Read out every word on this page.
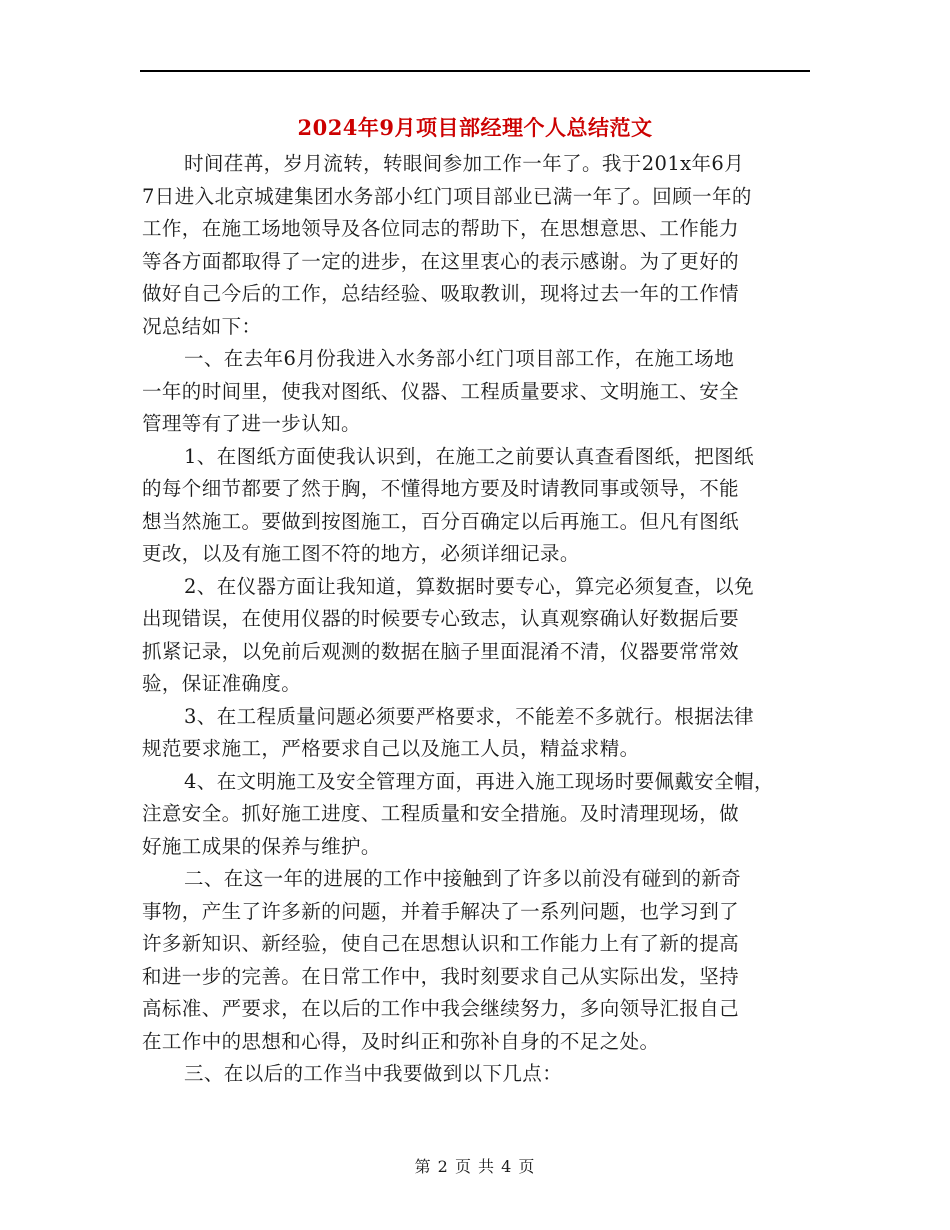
2024年9月项目部经理个人总结范文
时间荏苒，岁月流转，转眼间参加工作一年了。我于201x年6月
7日进入北京城建集团水务部小红门项目部业已满一年了。回顾一年的
工作，在施工场地领导及各位同志的帮助下，在思想意思、工作能力
等各方面都取得了一定的进步，在这里衷心的表示感谢。为了更好的
做好自己今后的工作，总结经验、吸取教训，现将过去一年的工作情
况总结如下：
一、在去年6月份我进入水务部小红门项目部工作，在施工场地
一年的时间里，使我对图纸、仪器、工程质量要求、文明施工、安全
管理等有了进一步认知。
1、在图纸方面使我认识到，在施工之前要认真查看图纸，把图纸
的每个细节都要了然于胸，不懂得地方要及时请教同事或领导，不能
想当然施工。要做到按图施工，百分百确定以后再施工。但凡有图纸
更改，以及有施工图不符的地方，必须详细记录。
2、在仪器方面让我知道，算数据时要专心，算完必须复查，以免
出现错误，在使用仪器的时候要专心致志，认真观察确认好数据后要
抓紧记录，以免前后观测的数据在脑子里面混淆不清，仪器要常常效
验，保证准确度。
3、在工程质量问题必须要严格要求，不能差不多就行。根据法律
规范要求施工，严格要求自己以及施工人员，精益求精。
4、在文明施工及安全管理方面，再进入施工现场时要佩戴安全帽，
注意安全。抓好施工进度、工程质量和安全措施。及时清理现场，做
好施工成果的保养与维护。
二、在这一年的进展的工作中接触到了许多以前没有碰到的新奇
事物，产生了许多新的问题，并着手解决了一系列问题，也学习到了
许多新知识、新经验，使自己在思想认识和工作能力上有了新的提高
和进一步的完善。在日常工作中，我时刻要求自己从实际出发，坚持
高标准、严要求，在以后的工作中我会继续努力，多向领导汇报自己
在工作中的思想和心得，及时纠正和弥补自身的不足之处。
三、在以后的工作当中我要做到以下几点：
第 2 页 共 4 页
